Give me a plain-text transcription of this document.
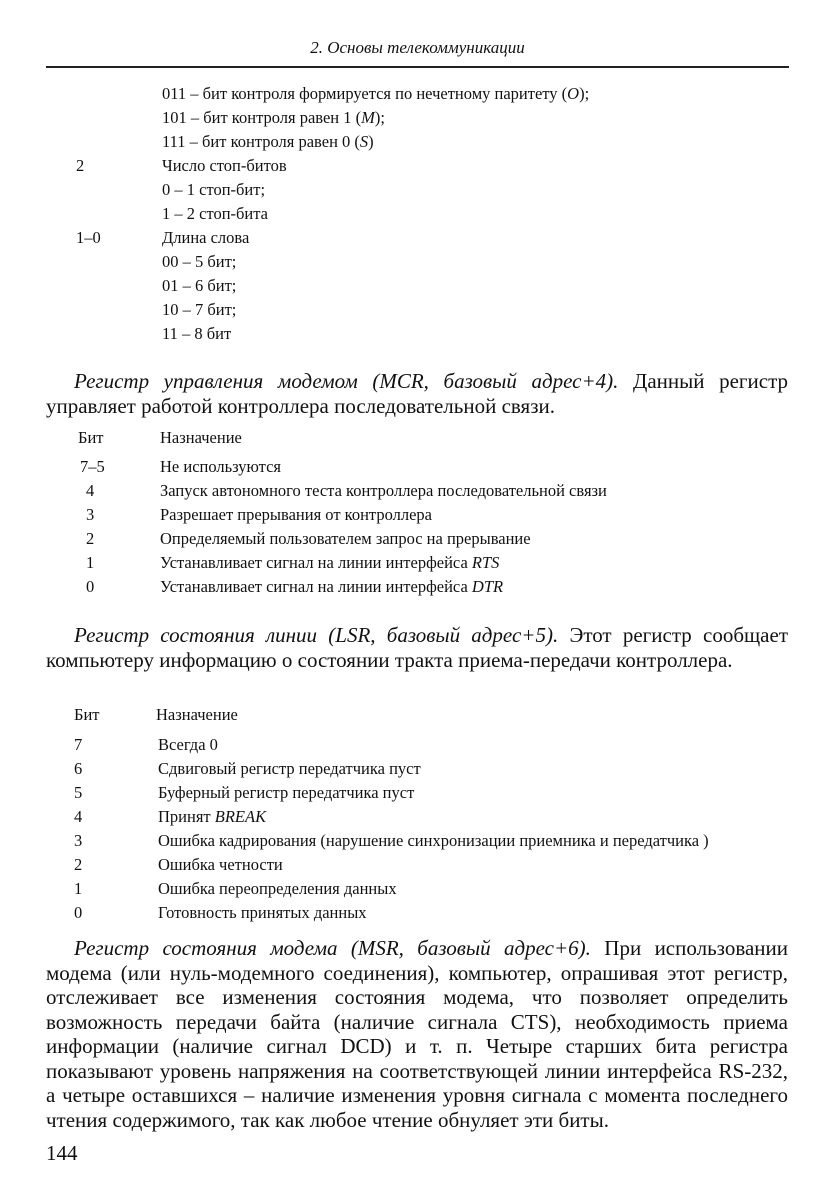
2. Основы телекоммуникации
011 – бит контроля формируется по нечетному паритету (O);
101 – бит контроля равен 1 (M);
111 – бит контроля равен 0 (S)
2	Число стоп-битов
0 – 1 стоп-бит;
1 – 2 стоп-бита
1–0	Длина слова
00 – 5 бит;
01 – 6 бит;
10 – 7 бит;
11 – 8 бит
Регистр управления модемом (MCR, базовый адрес+4). Данный регистр управляет работой контроллера последовательной связи.
Бит	Назначение
7–5	Не используются
4	Запуск автономного теста контроллера последовательной связи
3	Разрешает прерывания от контроллера
2	Определяемый пользователем запрос на прерывание
1	Устанавливает сигнал на линии интерфейса RTS
0	Устанавливает сигнал на линии интерфейса DTR
Регистр состояния линии (LSR, базовый адрес+5). Этот регистр сообщает компьютеру информацию о состоянии тракта приема-передачи контроллера.
Бит	Назначение
7	Всегда 0
6	Сдвиговый регистр передатчика пуст
5	Буферный регистр передатчика пуст
4	Принят BREAK
3	Ошибка кадрирования (нарушение синхронизации приемника и передатчика )
2	Ошибка четности
1	Ошибка переопределения данных
0	Готовность принятых данных
Регистр состояния модема (MSR, базовый адрес+6). При использовании модема (или нуль-модемного соединения), компьютер, опрашивая этот регистр, отслеживает все изменения состояния модема, что позволяет определить возможность передачи байта (наличие сигнала CTS), необходимость приема информации (наличие сигнал DCD) и т. п. Четыре старших бита регистра показывают уровень напряжения на соответствующей линии интерфейса RS-232, а четыре оставшихся – наличие изменения уровня сигнала с момента последнего чтения содержимого, так как любое чтение обнуляет эти биты.
144
